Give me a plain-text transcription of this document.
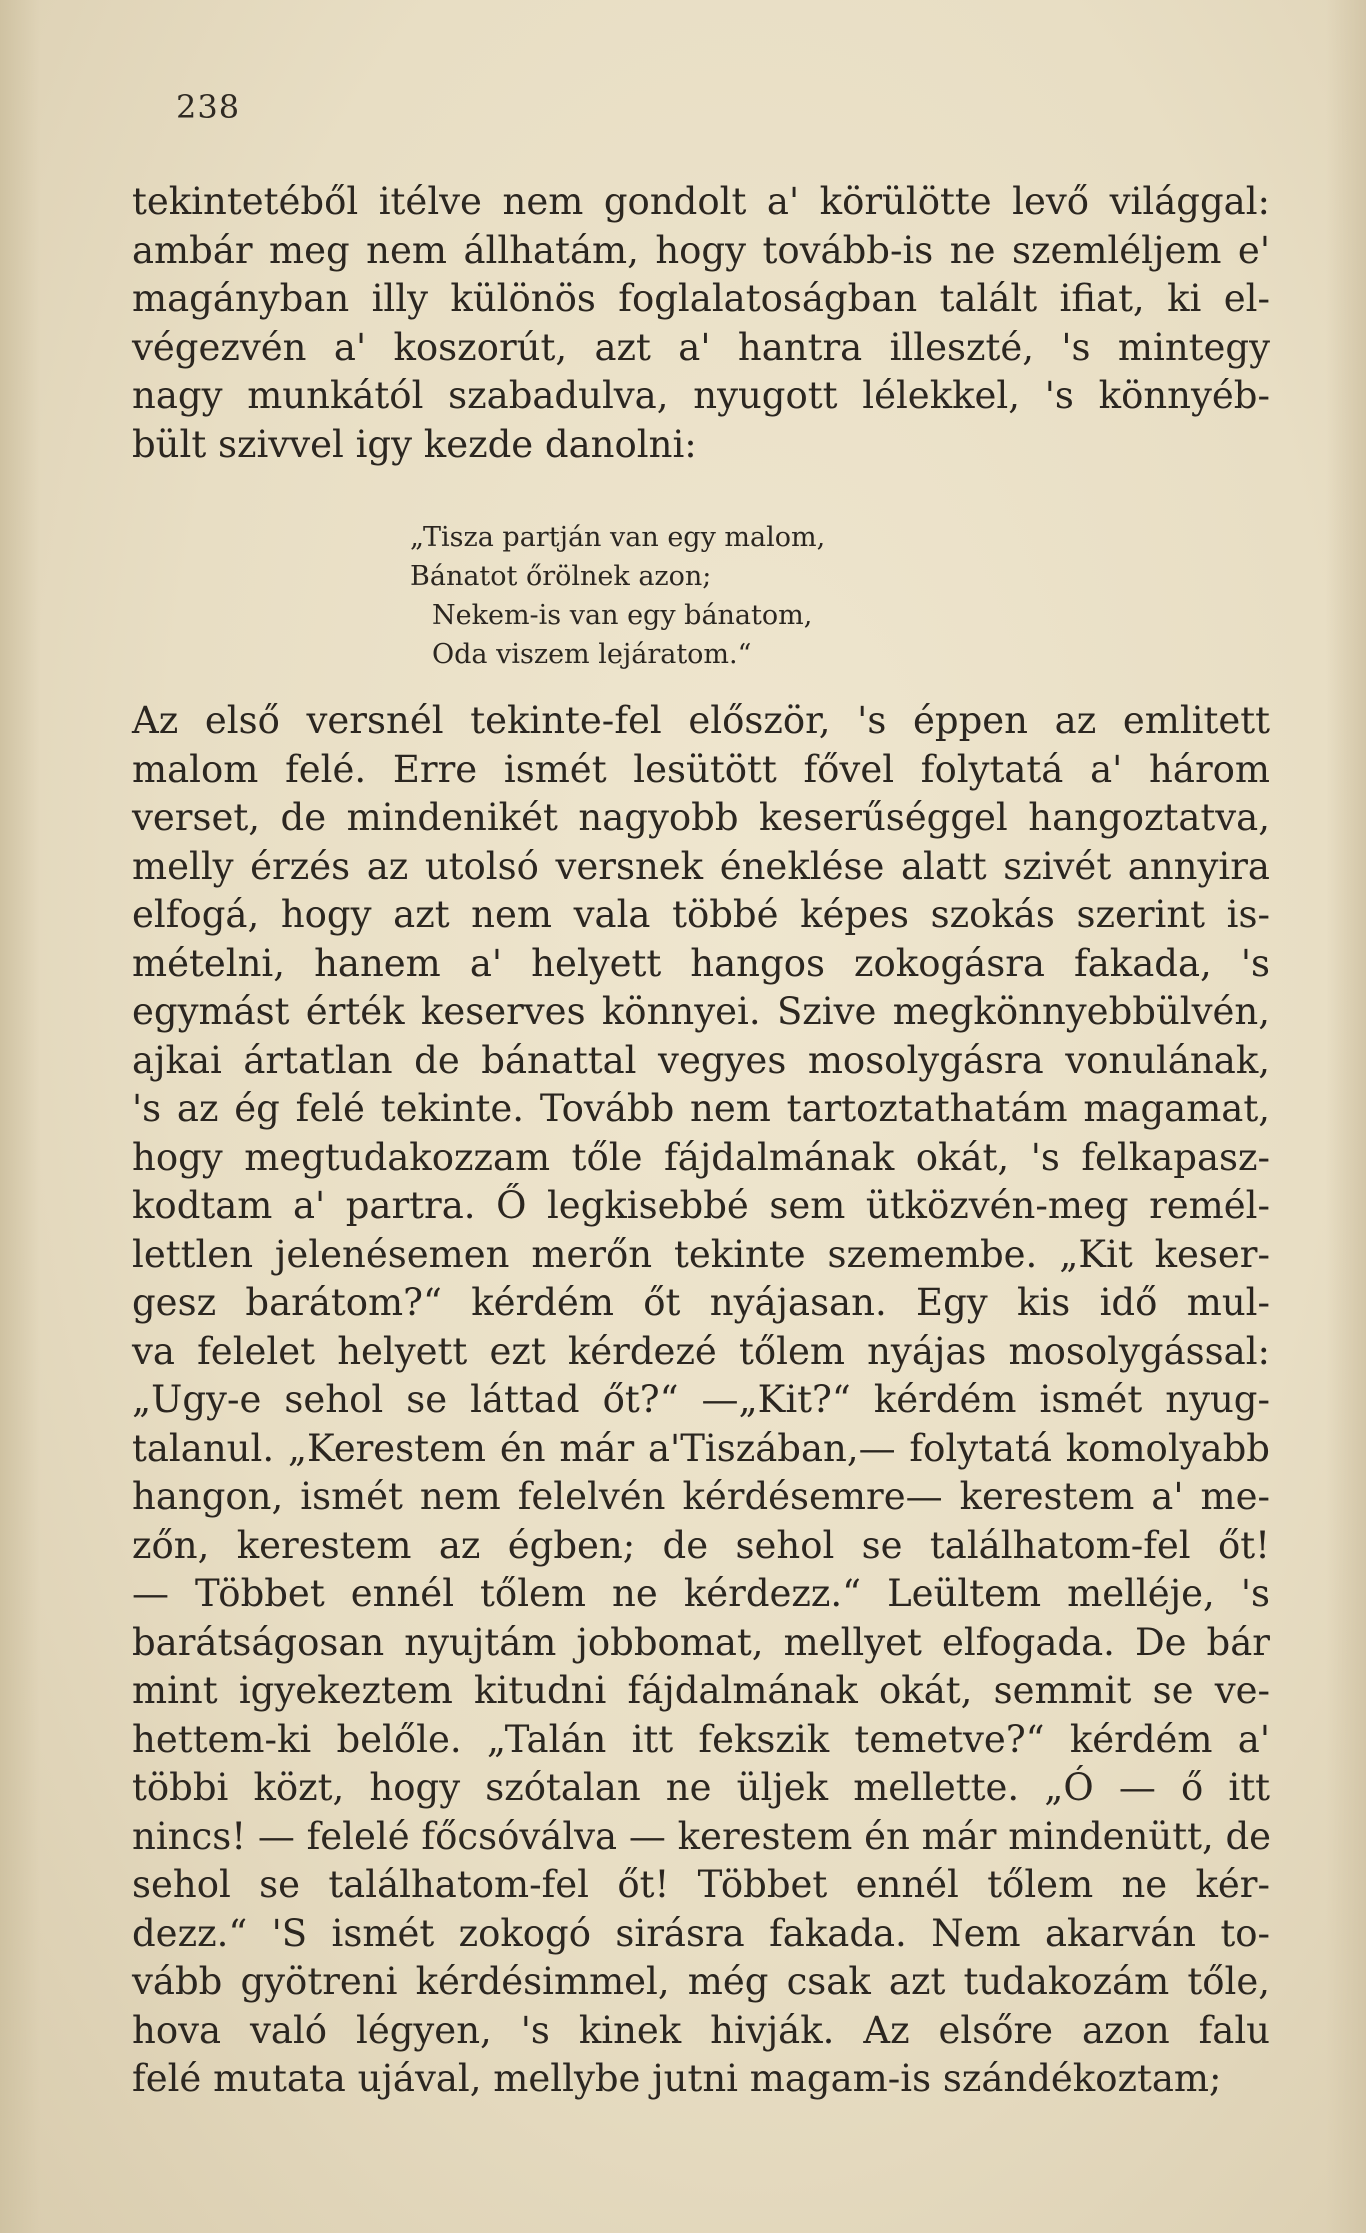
238
tekintetéből itélve nem gondolt a' körülötte levő világgal:
ambár meg nem állhatám, hogy tovább-is ne szemléljem e'
magányban illy különös foglalatoságban talált ifiat, ki el-
végezvén a' koszorút, azt a' hantra illeszté, 's mintegy
nagy munkától szabadulva, nyugott lélekkel, 's könnyéb-
bült szivvel igy kezde danolni:
„Tisza partján van egy malom,
Bánatot őrölnek azon;
Nekem-is van egy bánatom,
Oda viszem lejáratom.“
Az első versnél tekinte-fel először, 's éppen az emlitett
malom felé. Erre ismét lesütött fővel folytatá a' három
verset, de mindenikét nagyobb keserűséggel hangoztatva,
melly érzés az utolsó versnek éneklése alatt szivét annyira
elfogá, hogy azt nem vala többé képes szokás szerint is-
mételni, hanem a' helyett hangos zokogásra fakada, 's
egymást érték keserves könnyei. Szive megkönnyebbülvén,
ajkai ártatlan de bánattal vegyes mosolygásra vonulának,
's az ég felé tekinte. Tovább nem tartoztathatám magamat,
hogy megtudakozzam tőle fájdalmának okát, 's felkapasz-
kodtam a' partra. Ő legkisebbé sem ütközvén-meg remél-
lettlen jelenésemen merőn tekinte szemembe. „Kit keser-
gesz barátom?“ kérdém őt nyájasan. Egy kis idő mul-
va felelet helyett ezt kérdezé tőlem nyájas mosolygással:
„Ugy-e sehol se láttad őt?“ —„Kit?“ kérdém ismét nyug-
talanul. „Kerestem én már a'Tiszában,— folytatá komolyabb
hangon, ismét nem felelvén kérdésemre— kerestem a' me-
zőn, kerestem az égben; de sehol se találhatom-fel őt!
— Többet ennél tőlem ne kérdezz.“ Leültem melléje, 's
barátságosan nyujtám jobbomat, mellyet elfogada. De bár
mint igyekeztem kitudni fájdalmának okát, semmit se ve-
hettem-ki belőle. „Talán itt fekszik temetve?“ kérdém a'
többi közt, hogy szótalan ne üljek mellette. „Ó — ő itt
nincs! — felelé főcsóválva — kerestem én már mindenütt, de
sehol se találhatom-fel őt! Többet ennél tőlem ne kér-
dezz.“ 'S ismét zokogó sirásra fakada. Nem akarván to-
vább gyötreni kérdésimmel, még csak azt tudakozám tőle,
hova való légyen, 's kinek hivják. Az elsőre azon falu
felé mutata ujával, mellybe jutni magam-is szándékoztam;
